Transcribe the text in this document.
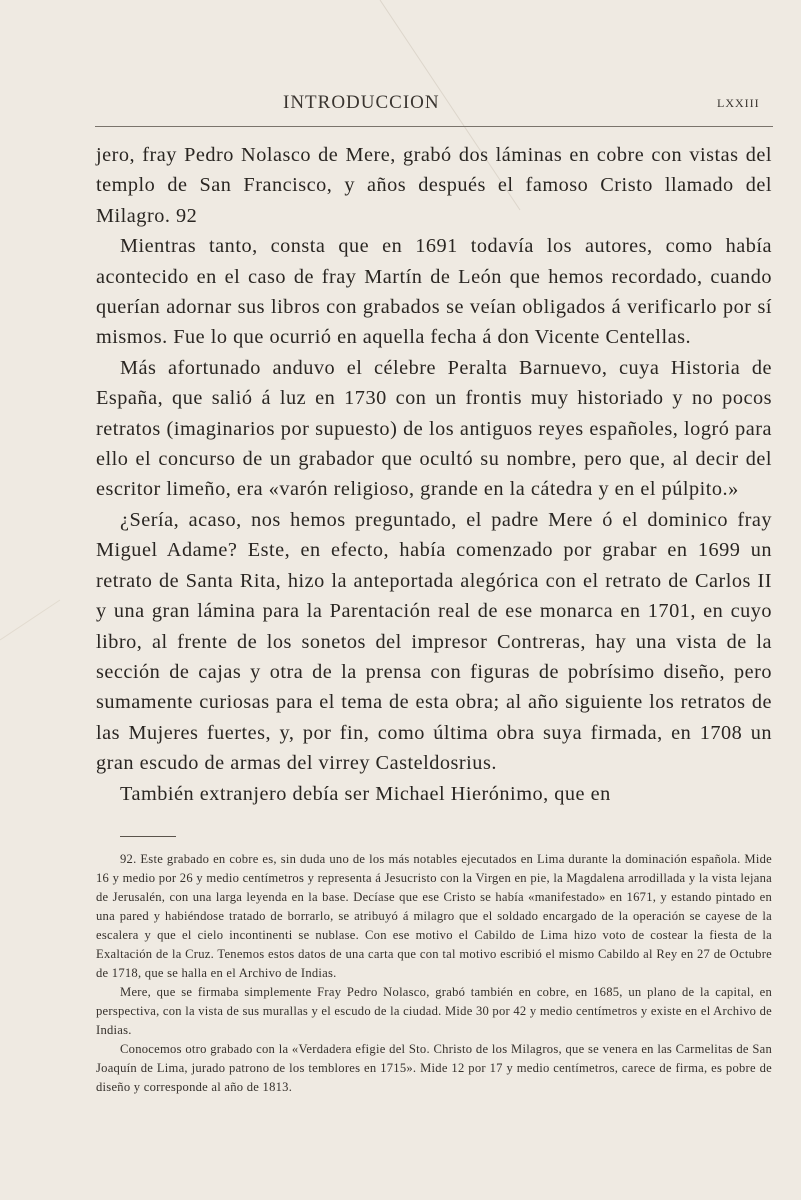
INTRODUCCION	LXXIII

jero, fray Pedro Nolasco de Mere, grabó dos láminas en cobre con vistas del templo de San Francisco, y años después el famoso Cristo llamado del Milagro. 92

Mientras tanto, consta que en 1691 todavía los autores, como había acontecido en el caso de fray Martín de León que hemos recordado, cuando querían adornar sus libros con grabados se veían obligados á verificarlo por sí mismos. Fue lo que ocurrió en aquella fecha á don Vicente Centellas.

Más afortunado anduvo el célebre Peralta Barnuevo, cuya Historia de España, que salió á luz en 1730 con un frontis muy historiado y no pocos retratos (imaginarios por supuesto) de los antiguos reyes españoles, logró para ello el concurso de un grabador que ocultó su nombre, pero que, al decir del escritor limeño, era «varón religioso, grande en la cátedra y en el púlpito.»

¿Sería, acaso, nos hemos preguntado, el padre Mere ó el dominico fray Miguel Adame? Este, en efecto, había comenzado por grabar en 1699 un retrato de Santa Rita, hizo la anteportada alegórica con el retrato de Carlos II y una gran lámina para la Parentación real de ese monarca en 1701, en cuyo libro, al frente de los sonetos del impresor Contreras, hay una vista de la sección de cajas y otra de la prensa con figuras de pobrísimo diseño, pero sumamente curiosas para el tema de esta obra; al año siguiente los retratos de las Mujeres fuertes, y, por fin, como última obra suya firmada, en 1708 un gran escudo de armas del virrey Casteldosrius.

También extranjero debía ser Michael Hierónimo, que en

92. Este grabado en cobre es, sin duda uno de los más notables ejecutados en Lima durante la dominación española. Mide 16 y medio por 26 y medio centímetros y representa á Jesucristo con la Virgen en pie, la Magdalena arrodillada y la vista lejana de Jerusalén, con una larga leyenda en la base. Decíase que ese Cristo se había «manifestado» en 1671, y estando pintado en una pared y habiéndose tratado de borrarlo, se atribuyó á milagro que el soldado encargado de la operación se cayese de la escalera y que el cielo incontinenti se nublase. Con ese motivo el Cabildo de Lima hizo voto de costear la fiesta de la Exaltación de la Cruz. Tenemos estos datos de una carta que con tal motivo escribió el mismo Cabildo al Rey en 27 de Octubre de 1718, que se halla en el Archivo de Indias.

Mere, que se firmaba simplemente Fray Pedro Nolasco, grabó también en cobre, en 1685, un plano de la capital, en perspectiva, con la vista de sus murallas y el escudo de la ciudad. Mide 30 por 42 y medio centímetros y existe en el Archivo de Indias.

Conocemos otro grabado con la «Verdadera efigie del Sto. Christo de los Milagros, que se venera en las Carmelitas de San Joaquín de Lima, jurado patrono de los temblores en 1715». Mide 12 por 17 y medio centímetros, carece de firma, es pobre de diseño y corresponde al año de 1813.
